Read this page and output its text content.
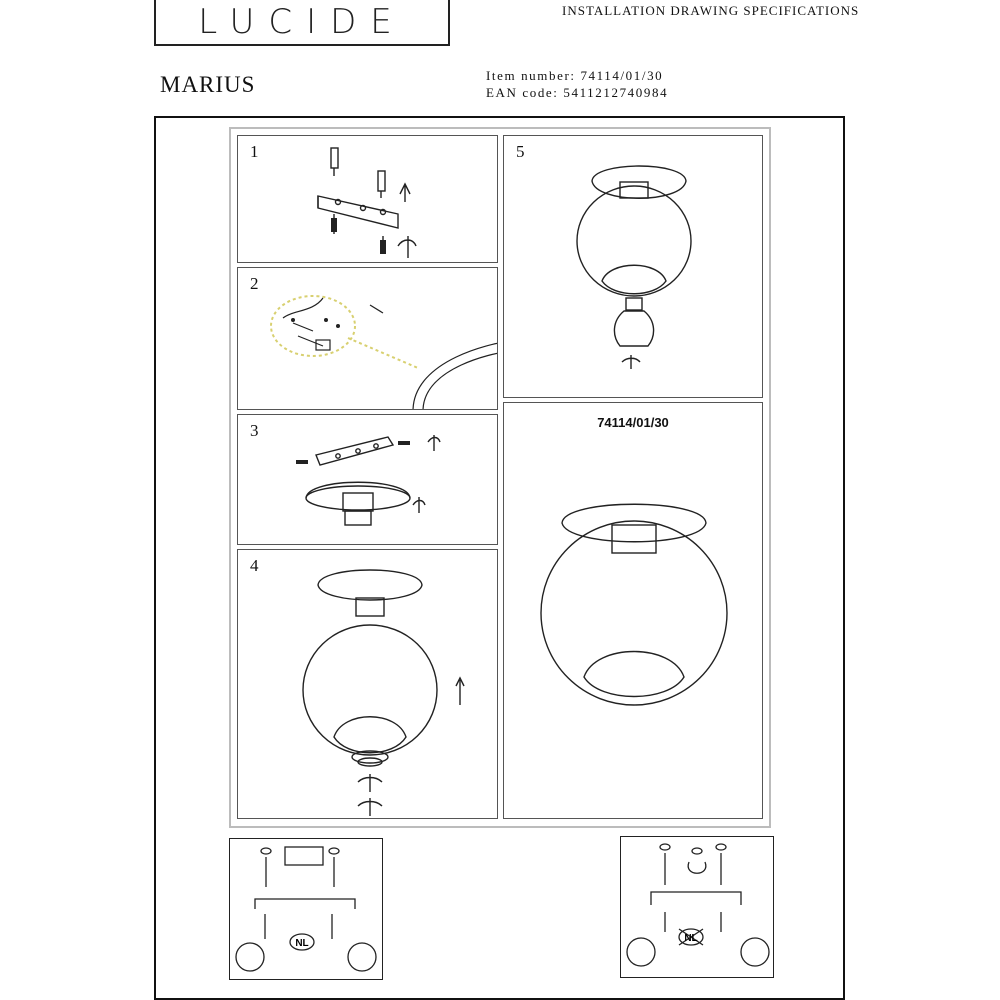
LUCIDE	INSTALLATION DRAWING SPECIFICATIONS
MARIUS	Item number: 74114/01/30
EAN code: 5411212740984
1
2
3
4
5
74114/01/30
NL	NL
